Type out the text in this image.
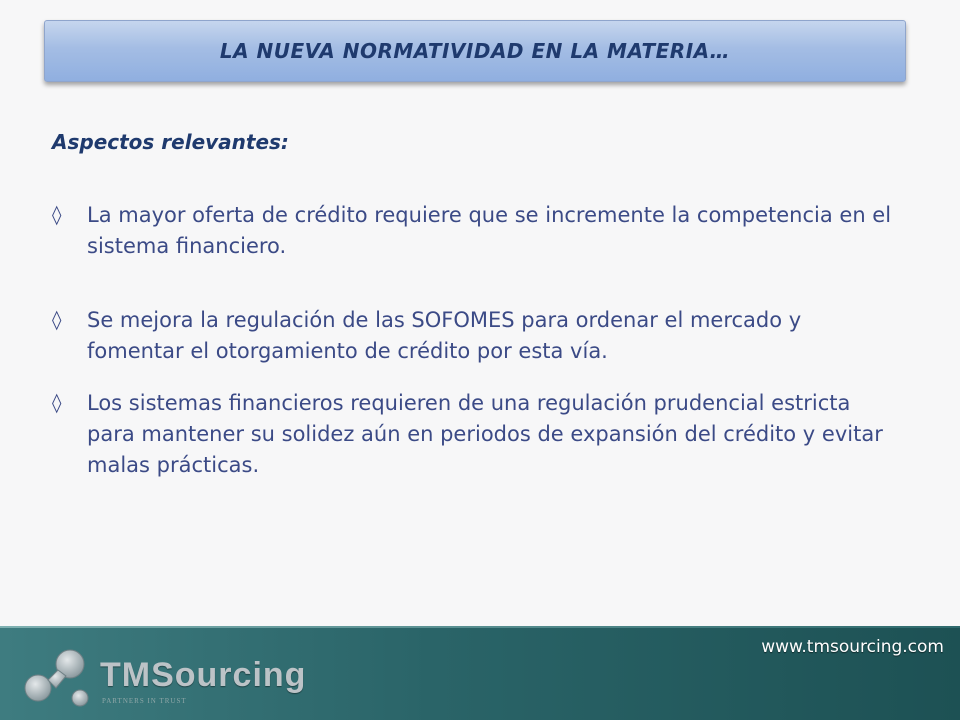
LA NUEVA NORMATIVIDAD EN LA MATERIA…
Aspectos relevantes:
◊ La mayor oferta de crédito requiere que se incremente la competencia en el sistema financiero.
◊ Se mejora la regulación de las SOFOMES para ordenar el mercado y fomentar el otorgamiento de crédito por esta vía.
◊ Los sistemas financieros requieren de una regulación prudencial estricta para mantener su solidez aún en periodos de expansión del crédito y evitar malas prácticas.
TMSourcing
PARTNERS IN TRUST
www.tmsourcing.com
